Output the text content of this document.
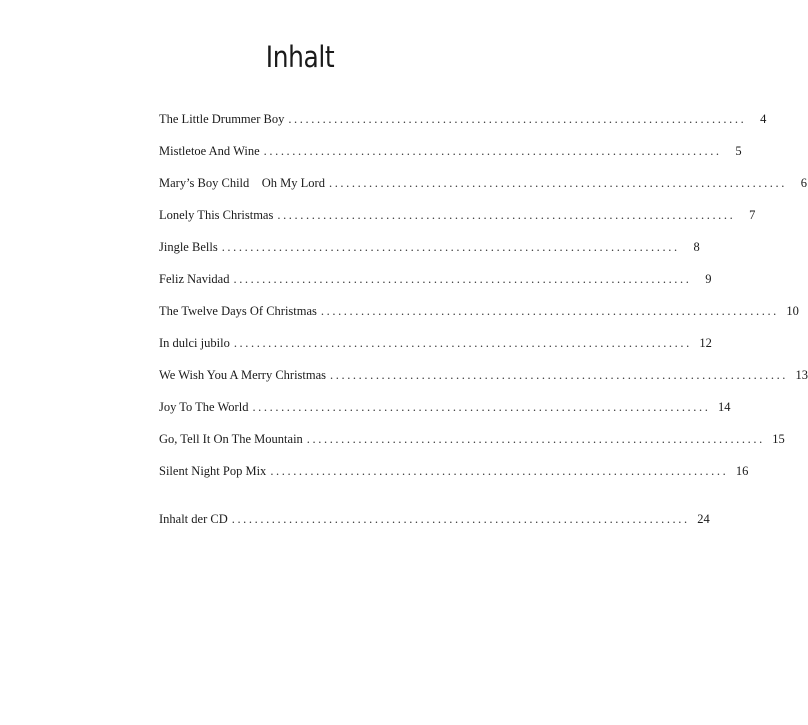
Inhalt
The Little Drummer Boy ................................................................................	4
Mistletoe And Wine ................................................................................	5
Mary’s Boy Child    Oh My Lord ................................................................................	6
Lonely This Christmas ................................................................................	7
Jingle Bells ................................................................................	8
Feliz Navidad ................................................................................	9
The Twelve Days Of Christmas ................................................................................ 10
In dulci jubilo ................................................................................ 12
We Wish You A Merry Christmas ................................................................................ 13
Joy To The World ................................................................................ 14
Go, Tell It On The Mountain ................................................................................ 15
Silent Night Pop Mix ................................................................................ 16
Inhalt der CD ................................................................................ 24
